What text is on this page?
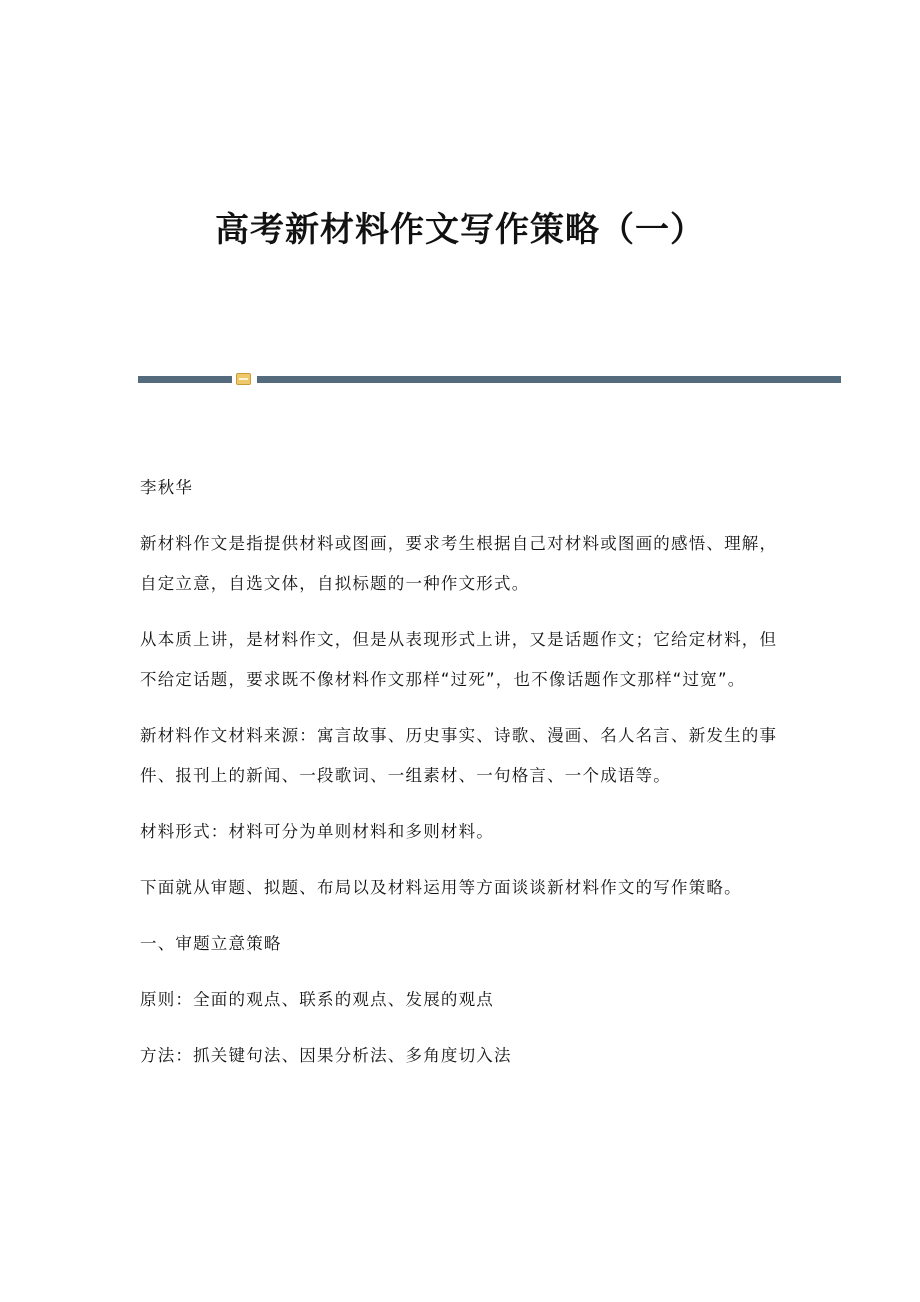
高考新材料作文写作策略（一）

李秋华

新材料作文是指提供材料或图画，要求考生根据自己对材料或图画的感悟、理解，自定立意，自选文体，自拟标题的一种作文形式。

从本质上讲，是材料作文，但是从表现形式上讲，又是话题作文；它给定材料，但不给定话题，要求既不像材料作文那样“过死”，也不像话题作文那样“过宽”。

新材料作文材料来源：寓言故事、历史事实、诗歌、漫画、名人名言、新发生的事件、报刊上的新闻、一段歌词、一组素材、一句格言、一个成语等。

材料形式：材料可分为单则材料和多则材料。

下面就从审题、拟题、布局以及材料运用等方面谈谈新材料作文的写作策略。

一、审题立意策略

原则：全面的观点、联系的观点、发展的观点

方法：抓关键句法、因果分析法、多角度切入法
